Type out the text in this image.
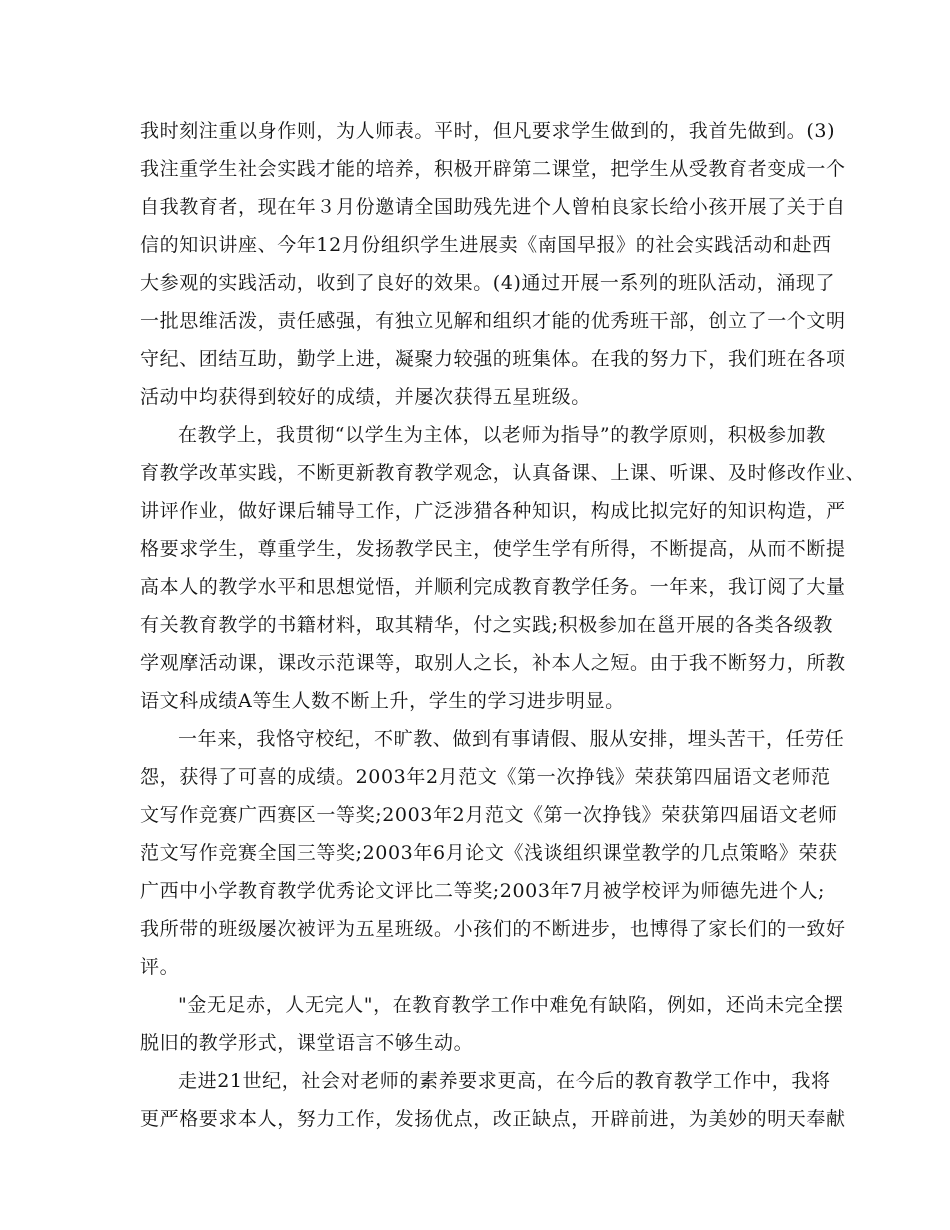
我时刻注重以身作则，为人师表。平时，但凡要求学生做到的，我首先做到。(3)
我注重学生社会实践才能的培养，积极开辟第二课堂，把学生从受教育者变成一个
自我教育者，现在年３月份邀请全国助残先进个人曾柏良家长给小孩开展了关于自
信的知识讲座、今年12月份组织学生进展卖《南国早报》的社会实践活动和赴西
大参观的实践活动，收到了良好的效果。(4)通过开展一系列的班队活动，涌现了
一批思维活泼，责任感强，有独立见解和组织才能的优秀班干部，创立了一个文明
守纪、团结互助，勤学上进，凝聚力较强的班集体。在我的努力下，我们班在各项
活动中均获得到较好的成绩，并屡次获得五星班级。
在教学上，我贯彻“以学生为主体，以老师为指导”的教学原则，积极参加教
育教学改革实践，不断更新教育教学观念，认真备课、上课、听课、及时修改作业、
讲评作业，做好课后辅导工作，广泛涉猎各种知识，构成比拟完好的知识构造，严
格要求学生，尊重学生，发扬教学民主，使学生学有所得，不断提高，从而不断提
高本人的教学水平和思想觉悟，并顺利完成教育教学任务。一年来，我订阅了大量
有关教育教学的书籍材料，取其精华，付之实践;积极参加在邕开展的各类各级教
学观摩活动课，课改示范课等，取别人之长，补本人之短。由于我不断努力，所教
语文科成绩A等生人数不断上升，学生的学习进步明显。
一年来，我恪守校纪，不旷教、做到有事请假、服从安排，埋头苦干，任劳任
怨，获得了可喜的成绩。2003年2月范文《第一次挣钱》荣获第四届语文老师范
文写作竞赛广西赛区一等奖;2003年2月范文《第一次挣钱》荣获第四届语文老师
范文写作竞赛全国三等奖;2003年6月论文《浅谈组织课堂教学的几点策略》荣获
广西中小学教育教学优秀论文评比二等奖;2003年7月被学校评为师德先进个人;
我所带的班级屡次被评为五星班级。小孩们的不断进步，也博得了家长们的一致好
评。
"金无足赤，人无完人"，在教育教学工作中难免有缺陷，例如，还尚未完全摆
脱旧的教学形式，课堂语言不够生动。
走进21世纪，社会对老师的素养要求更高，在今后的教育教学工作中，我将
更严格要求本人，努力工作，发扬优点，改正缺点，开辟前进，为美妙的明天奉献
